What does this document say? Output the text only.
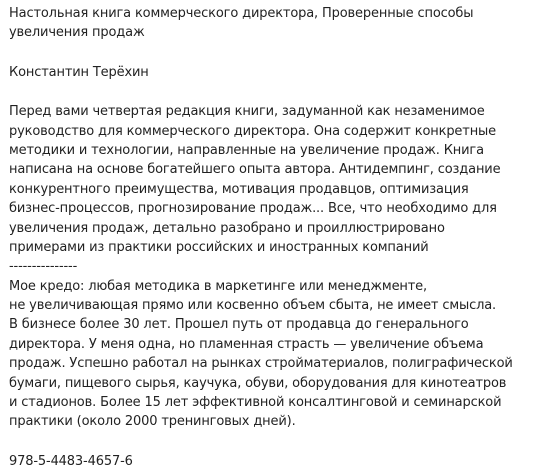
Настольная книга коммерческого директора, Проверенные способы
увеличения продаж
Константин Терёхин
Перед вами четвертая редакция книги, задуманной как незаменимое
руководство для коммерческого директора. Она содержит конкретные
методики и технологии, направленные на увеличение продаж. Книга
написана на основе богатейшего опыта автора. Антидемпинг, создание
конкурентного преимущества, мотивация продавцов, оптимизация
бизнес-процессов, прогнозирование продаж... Все, что необходимо для
увеличения продаж, детально разобрано и проиллюстрировано
примерами из практики российских и иностранных компаний
---------------
Мое кредо: любая методика в маркетинге или менеджменте,
не увеличивающая прямо или косвенно объем сбыта, не имеет смысла.
В бизнесе более 30 лет. Прошел путь от продавца до генерального
директора. У меня одна, но пламенная страсть — увеличение объема
продаж. Успешно работал на рынках стройматериалов, полиграфической
бумаги, пищевого сырья, каучука, обуви, оборудования для кинотеатров
и стадионов. Более 15 лет эффективной консалтинговой и семинарской
практики (около 2000 тренинговых дней).
978-5-4483-4657-6
